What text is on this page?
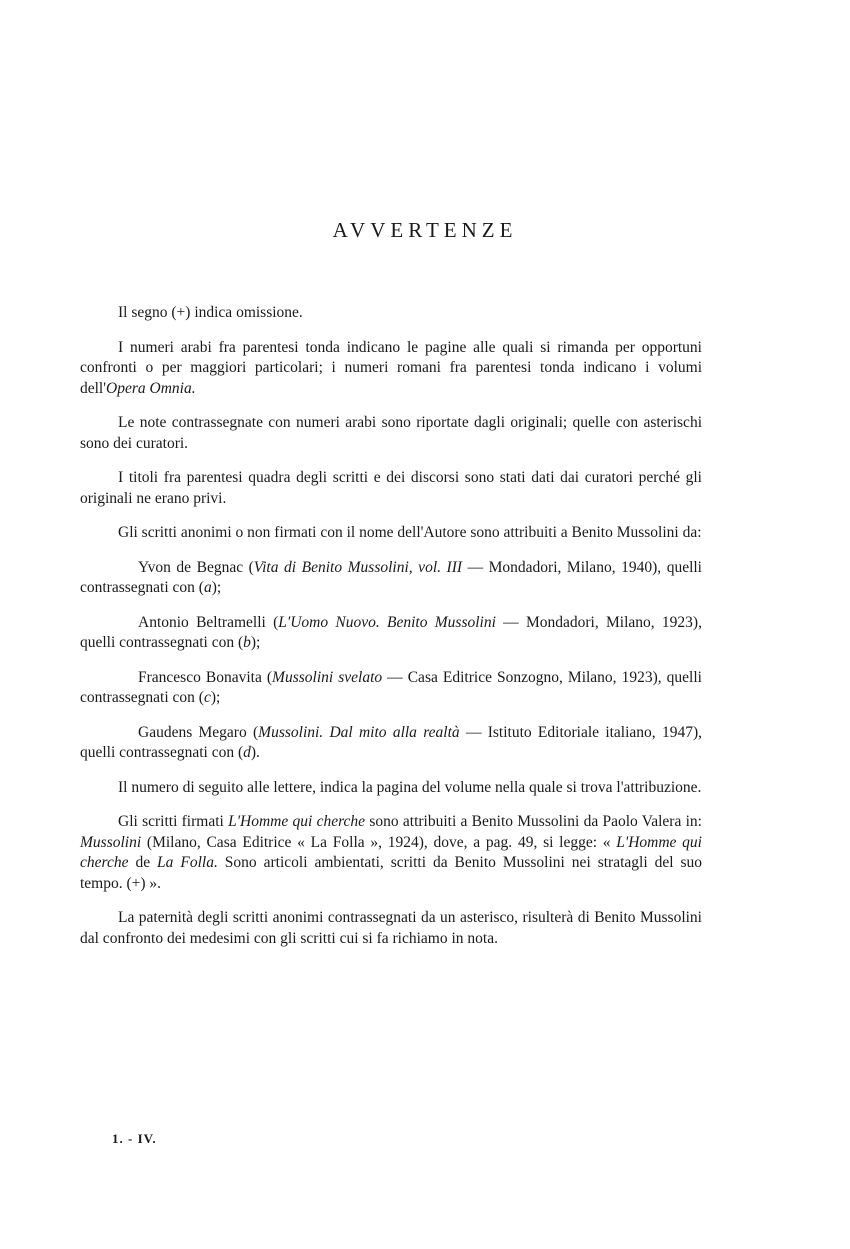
AVVERTENZE

Il segno (+) indica omissione.

I numeri arabi fra parentesi tonda indicano le pagine alle quali si rimanda per opportuni confronti o per maggiori particolari; i numeri romani fra parentesi tonda indicano i volumi dell'Opera Omnia.

Le note contrassegnate con numeri arabi sono riportate dagli originali; quelle con asterischi sono dei curatori.

I titoli fra parentesi quadra degli scritti e dei discorsi sono stati dati dai curatori perché gli originali ne erano privi.

Gli scritti anonimi o non firmati con il nome dell'Autore sono attribuiti a Benito Mussolini da:

Yvon de Begnac (Vita di Benito Mussolini, vol. III — Mondadori, Milano, 1940), quelli contrassegnati con (a);

Antonio Beltramelli (L'Uomo Nuovo. Benito Mussolini — Mondadori, Milano, 1923), quelli contrassegnati con (b);

Francesco Bonavita (Mussolini svelato — Casa Editrice Sonzogno, Milano, 1923), quelli contrassegnati con (c);

Gaudens Megaro (Mussolini. Dal mito alla realtà — Istituto Editoriale italiano, 1947), quelli contrassegnati con (d).

Il numero di seguito alle lettere, indica la pagina del volume nella quale si trova l'attribuzione.

Gli scritti firmati L'Homme qui cherche sono attribuiti a Benito Mussolini da Paolo Valera in: Mussolini (Milano, Casa Editrice « La Folla », 1924), dove, a pag. 49, si legge: « L'Homme qui cherche de La Folla. Sono articoli ambientati, scritti da Benito Mussolini nei stratagli del suo tempo. (+) ».

La paternità degli scritti anonimi contrassegnati da un asterisco, risulterà di Benito Mussolini dal confronto dei medesimi con gli scritti cui si fa richiamo in nota.

1. - IV.
